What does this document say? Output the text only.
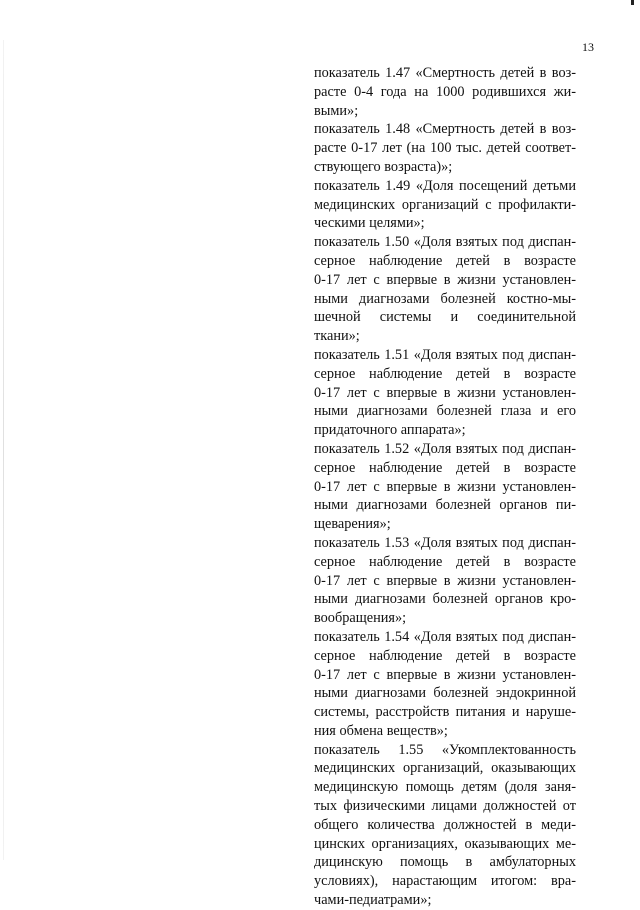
13
показатель 1.47 «Смертность детей в воз-
расте 0-4 года на 1000 родившихся жи-
выми»;
показатель 1.48 «Смертность детей в воз-
расте 0-17 лет (на 100 тыс. детей соответ-
ствующего возраста)»;
показатель 1.49 «Доля посещений детьми
медицинских организаций с профилакти-
ческими целями»;
показатель 1.50 «Доля взятых под диспан-
серное наблюдение детей в возрасте
0-17 лет с впервые в жизни установлен-
ными диагнозами болезней костно-мы-
шечной системы и соединительной
ткани»;
показатель 1.51 «Доля взятых под диспан-
серное наблюдение детей в возрасте
0-17 лет с впервые в жизни установлен-
ными диагнозами болезней глаза и его
придаточного аппарата»;
показатель 1.52 «Доля взятых под диспан-
серное наблюдение детей в возрасте
0-17 лет с впервые в жизни установлен-
ными диагнозами болезней органов пи-
щеварения»;
показатель 1.53 «Доля взятых под диспан-
серное наблюдение детей в возрасте
0-17 лет с впервые в жизни установлен-
ными диагнозами болезней органов кро-
вообращения»;
показатель 1.54 «Доля взятых под диспан-
серное наблюдение детей в возрасте
0-17 лет с впервые в жизни установлен-
ными диагнозами болезней эндокринной
системы, расстройств питания и наруше-
ния обмена веществ»;
показатель 1.55 «Укомплектованность
медицинских организаций, оказывающих
медицинскую помощь детям (доля заня-
тых физическими лицами должностей от
общего количества должностей в меди-
цинских организациях, оказывающих ме-
дицинскую помощь в амбулаторных
условиях), нарастающим итогом: вра-
чами-педиатрами»;
